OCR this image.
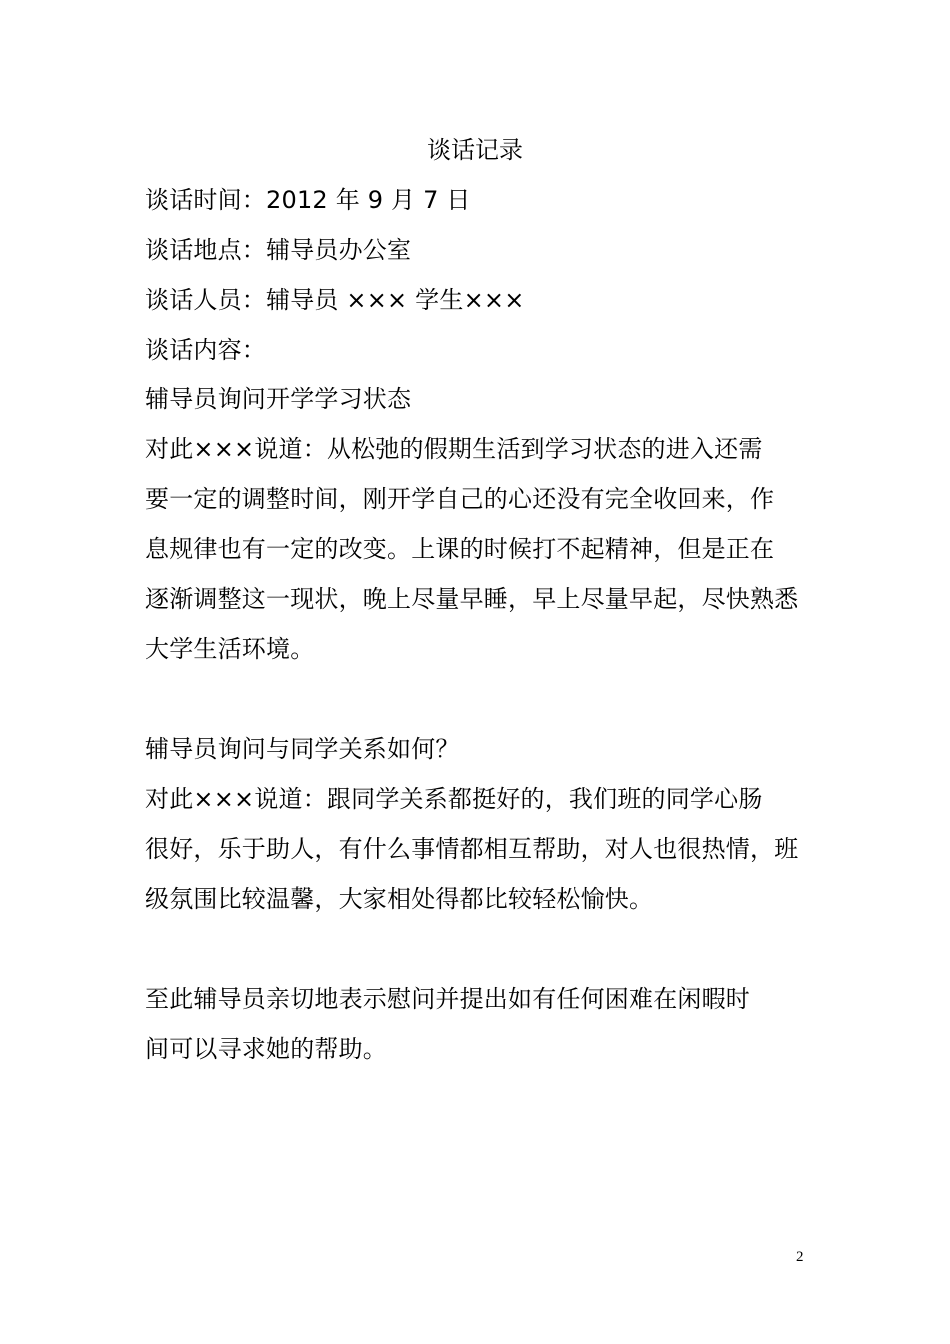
谈话记录
谈话时间：2012 年 9 月 7 日
谈话地点：辅导员办公室
谈话人员：辅导员 ××× 学生×××
谈话内容：
辅导员询问开学学习状态
对此×××说道：从松弛的假期生活到学习状态的进入还需
要一定的调整时间，刚开学自己的心还没有完全收回来，作
息规律也有一定的改变。上课的时候打不起精神，但是正在
逐渐调整这一现状，晚上尽量早睡，早上尽量早起，尽快熟悉
大学生活环境。
辅导员询问与同学关系如何？
对此×××说道：跟同学关系都挺好的，我们班的同学心肠
很好，乐于助人，有什么事情都相互帮助，对人也很热情，班
级氛围比较温馨，大家相处得都比较轻松愉快。
至此辅导员亲切地表示慰问并提出如有任何困难在闲暇时
间可以寻求她的帮助。
2
